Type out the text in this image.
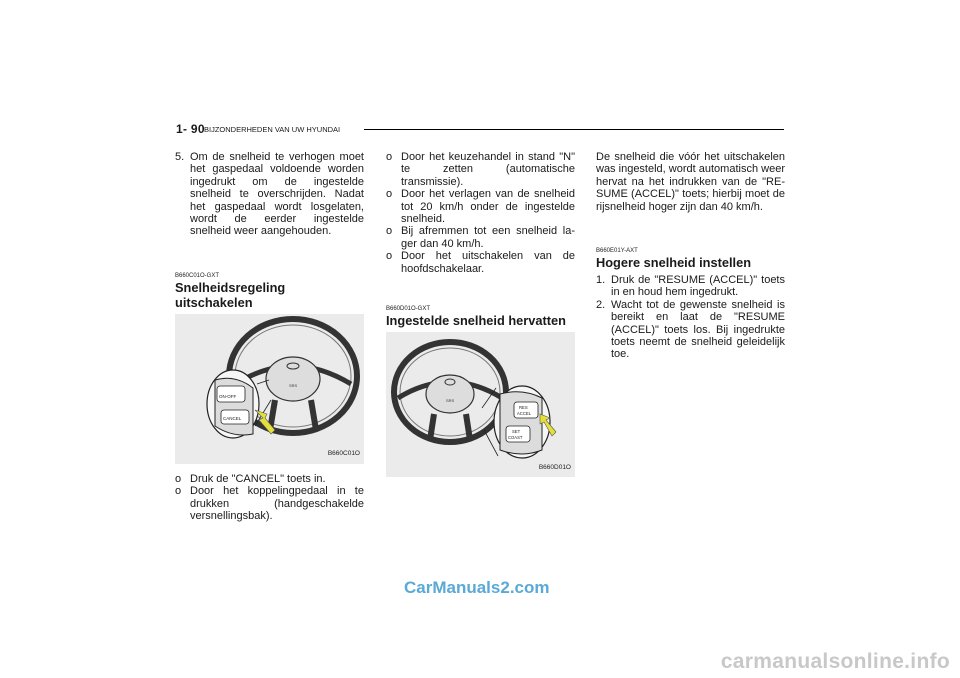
1- 90 BIJZONDERHEDEN VAN UW HYUNDAI
5. Om de snelheid te verhogen moet het gaspedaal voldoende worden ingedrukt om de ingestelde snelheid te overschrijden. Nadat het gaspedaal wordt losgelaten, wordt de eerder ingestelde snelheid weer aangehouden.

B660C01O-GXT

Snelheidsregeling uitschakelen

SRS
ON-OFF
CANCEL
B660C01O
o Druk de "CANCEL" toets in.
o Door het koppelingpedaal in te drukken (handgeschakelde versnellingsbak).
o Door het keuzehandel in stand "N" te zetten (automatische transmissie).
o Door het verlagen van de snelheid tot 20 km/h onder de ingestelde snelheid.
o Bij afremmen tot een snelheid la- ger dan 40 km/h.
o Door het uitschakelen van de hoofdschakelaar.

B660D01O-GXT

Ingestelde snelheid hervatten

SRS
RES
ACCEL
SET
COAST
B660D01O
De snelheid die vóór het uitschakelen was ingesteld, wordt automatisch weer hervat na het indrukken van de "RE- SUME (ACCEL)" toets; hierbij moet de rijsnelheid hoger zijn dan 40 km/h.

B660E01Y-AXT

Hogere snelheid instellen

1. Druk de "RESUME (ACCEL)" toets in en houd hem ingedrukt.
2. Wacht tot de gewenste snelheid is bereikt en laat de "RESUME (ACCEL)" toets los. Bij ingedrukte toets neemt de snelheid geleidelijk toe.
CarManuals2.com
carmanualsonline.info
